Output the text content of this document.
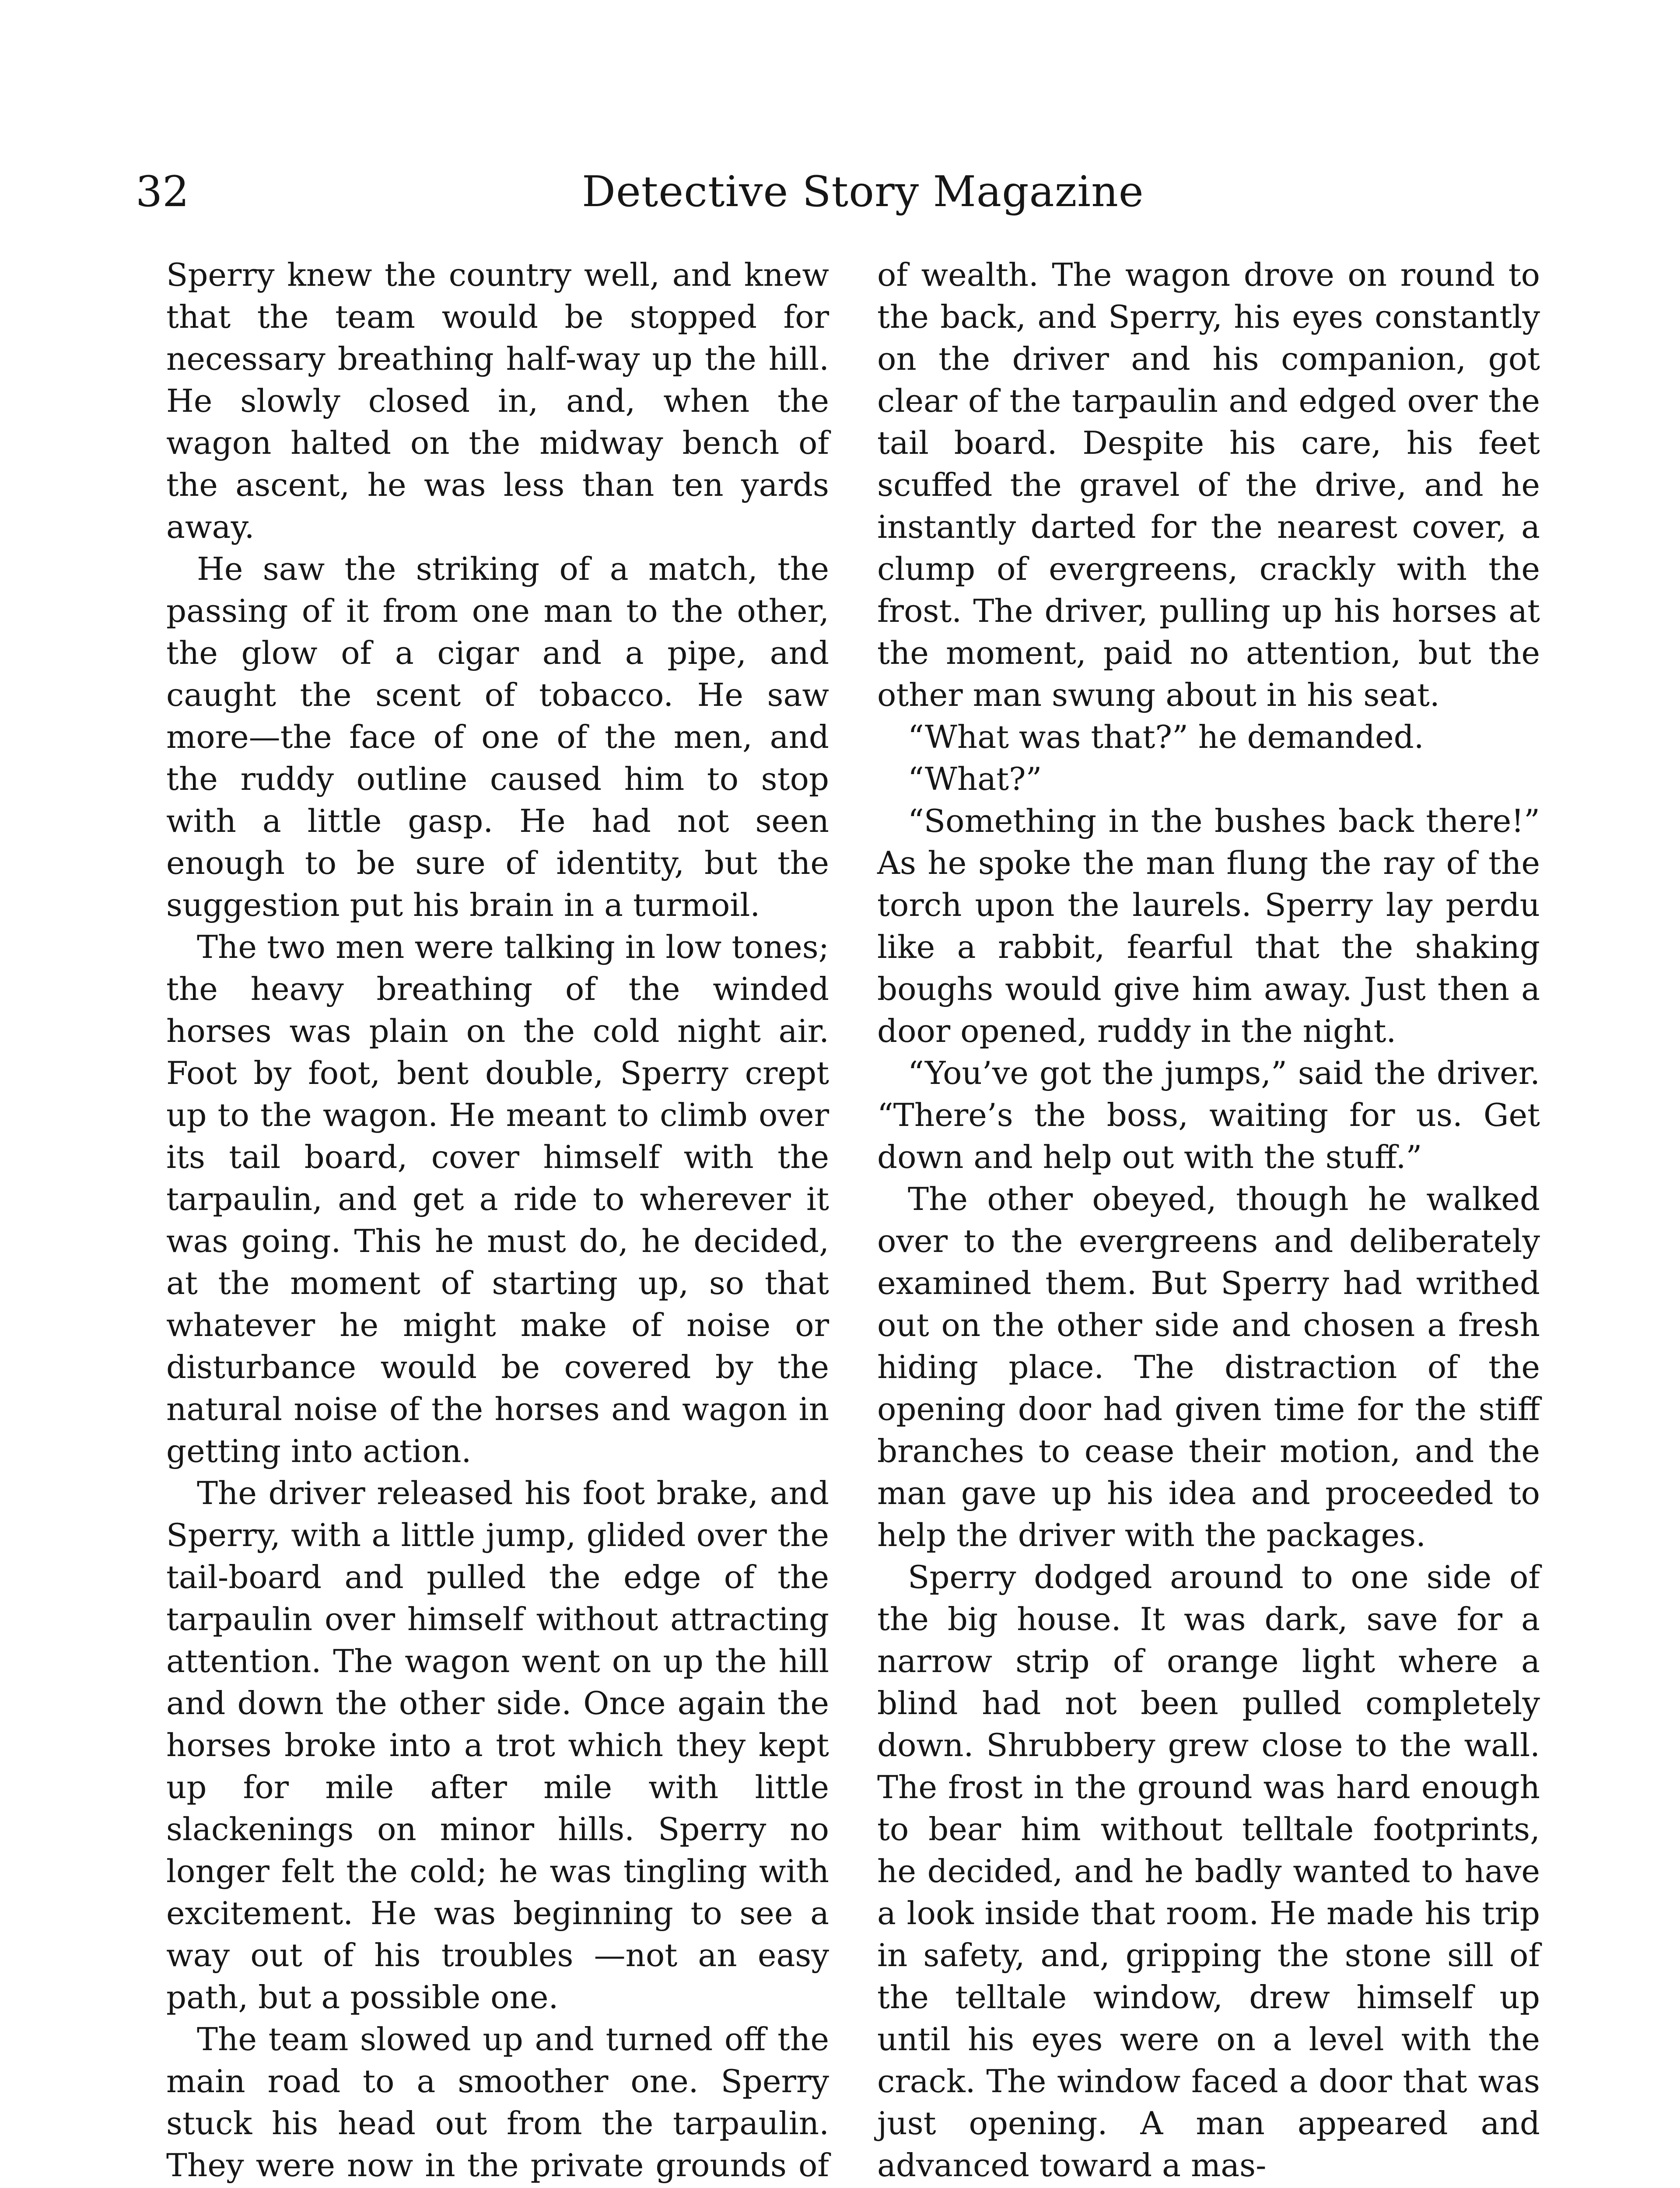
32	Detective Story Magazine

Sperry knew the country well, and knew that the team would be stopped for necessary breathing half-way up the hill. He slowly closed in, and, when the wagon halted on the midway bench of the ascent, he was less than ten yards away.

He saw the striking of a match, the passing of it from one man to the other, the glow of a cigar and a pipe, and caught the scent of tobacco. He saw more—the face of one of the men, and the ruddy outline caused him to stop with a little gasp. He had not seen enough to be sure of identity, but the suggestion put his brain in a turmoil.

The two men were talking in low tones; the heavy breathing of the winded horses was plain on the cold night air. Foot by foot, bent double, Sperry crept up to the wagon. He meant to climb over its tail board, cover himself with the tarpaulin, and get a ride to wherever it was going. This he must do, he decided, at the moment of starting up, so that whatever he might make of noise or disturbance would be covered by the natural noise of the horses and wagon in getting into action.

The driver released his foot brake, and Sperry, with a little jump, glided over the tail-board and pulled the edge of the tarpaulin over himself without attracting attention. The wagon went on up the hill and down the other side. Once again the horses broke into a trot which they kept up for mile after mile with little slackenings on minor hills. Sperry no longer felt the cold; he was tingling with excitement. He was beginning to see a way out of his troubles —not an easy path, but a possible one.

The team slowed up and turned off the main road to a smoother one. Sperry stuck his head out from the tarpaulin. They were now in the private grounds of

of wealth. The wagon drove on round to the back, and Sperry, his eyes constantly on the driver and his companion, got clear of the tarpaulin and edged over the tail board. Despite his care, his feet scuffed the gravel of the drive, and he instantly darted for the nearest cover, a clump of evergreens, crackly with the frost. The driver, pulling up his horses at the moment, paid no attention, but the other man swung about in his seat.

“What was that?” he demanded.

“What?”

“Something in the bushes back there!” As he spoke the man flung the ray of the torch upon the laurels. Sperry lay perdu like a rabbit, fearful that the shaking boughs would give him away. Just then a door opened, ruddy in the night.

“You’ve got the jumps,” said the driver. “There’s the boss, waiting for us. Get down and help out with the stuff.”

The other obeyed, though he walked over to the evergreens and deliberately examined them. But Sperry had writhed out on the other side and chosen a fresh hiding place. The distraction of the opening door had given time for the stiff branches to cease their motion, and the man gave up his idea and proceeded to help the driver with the packages.

Sperry dodged around to one side of the big house. It was dark, save for a narrow strip of orange light where a blind had not been pulled completely down. Shrubbery grew close to the wall. The frost in the ground was hard enough to bear him without telltale footprints, he decided, and he badly wanted to have a look inside that room. He made his trip in safety, and, gripping the stone sill of the telltale window, drew himself up until his eyes were on a level with the crack. The window faced a door that was just opening. A man appeared and advanced toward a mas-
